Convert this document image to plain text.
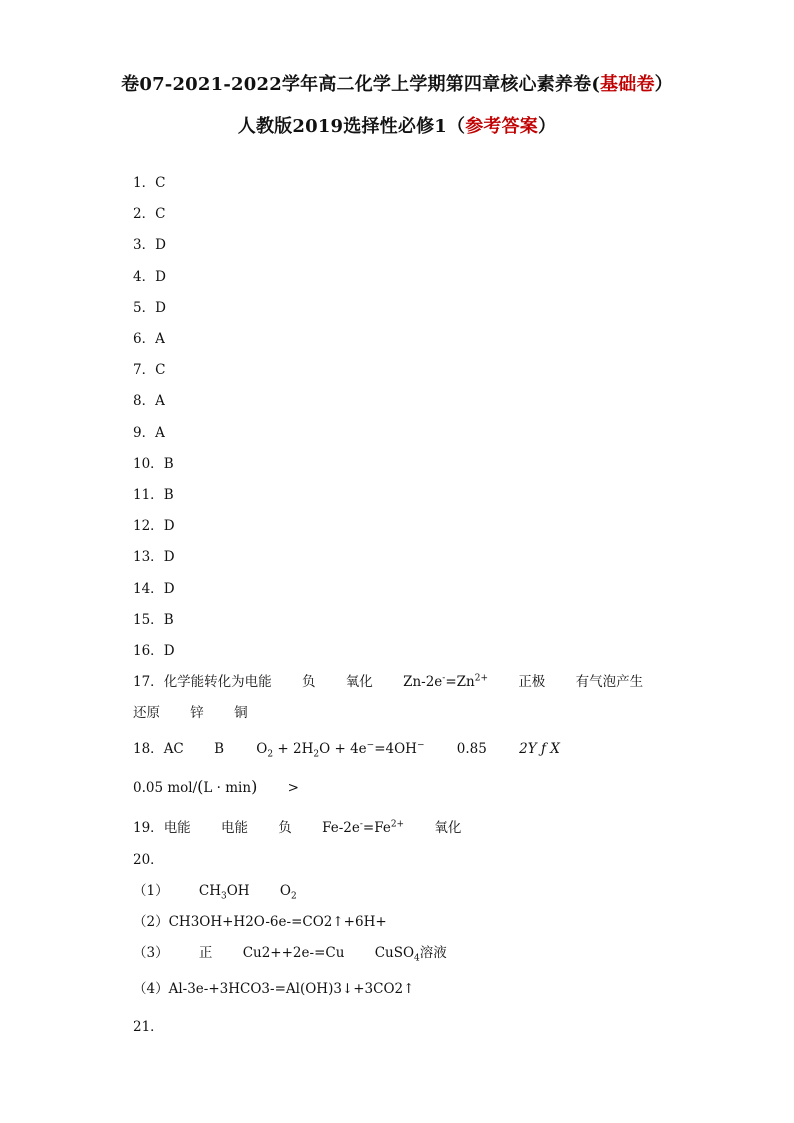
卷07-2021-2022学年高二化学上学期第四章核心素养卷(基础卷）
人教版2019选择性必修1（参考答案）
1．C
2．C
3．D
4．D
5．D
6．A
7．C
8．A
9．A
10．B
11．B
12．D
13．D
14．D
15．B
16．D
17．化学能转化为电能 负 氧化 $Zn-2e^-=Zn^{2+}$ 正极 有气泡产生
还原 锌 铜
18．AC B $O_2 + 2H_2O + 4e^-=4OH^-$ 0.85 2Y ƒ X
0.05 mol/(L · min) >
19．电能 电能 负 $Fe-2e^-=Fe^{2+}$ 氧化
20．
（1） $CH_3OH$ $O_2$
（2）CH3OH+H2O-6e-=CO2↑+6H+
（3） 正 Cu2++2e-=Cu CuSO$_4$溶液
（4）Al-3e-+3HCO3-=Al(OH)3↓+3CO2↑
21．
